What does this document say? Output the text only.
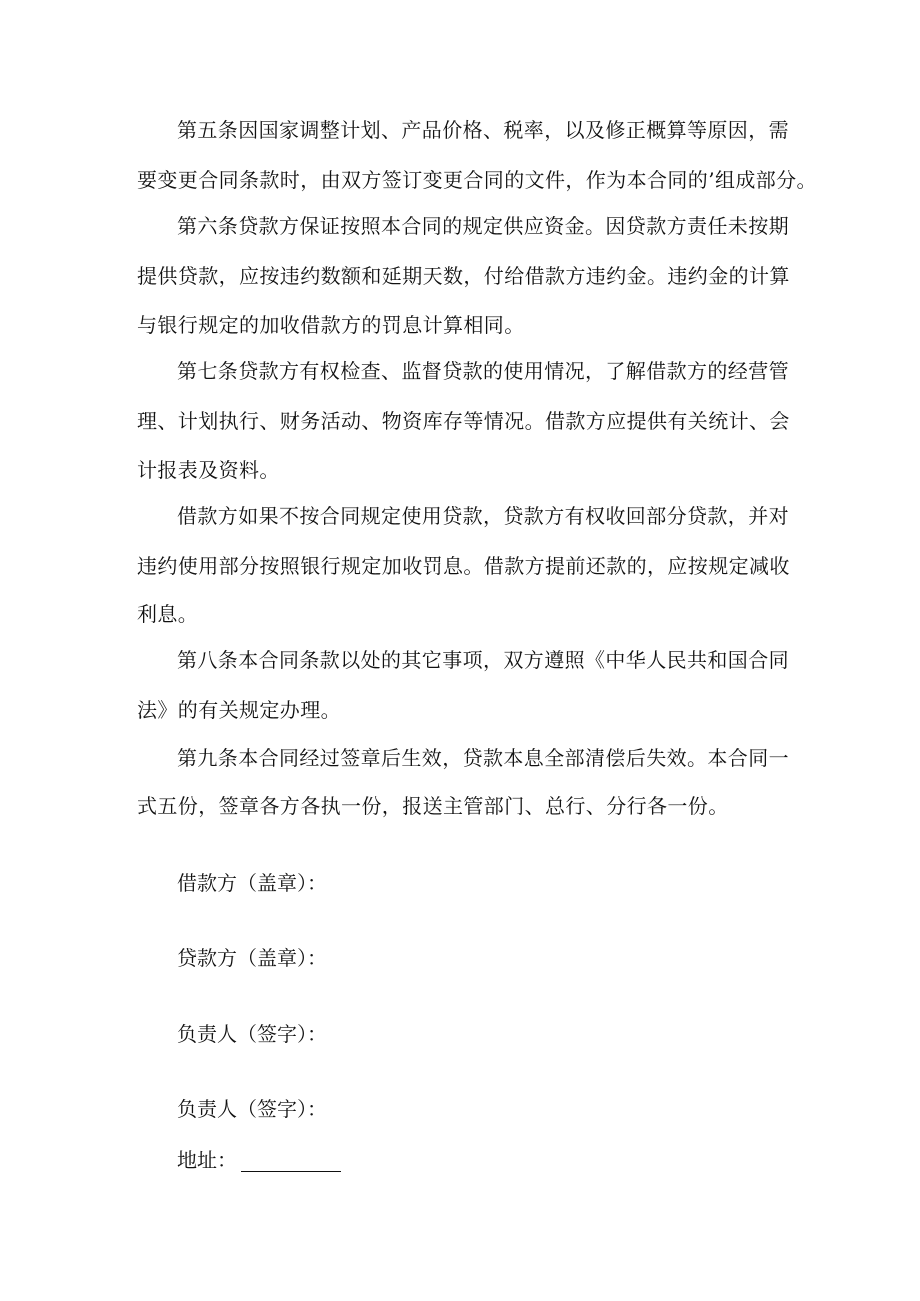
第五条因国家调整计划、产品价格、税率，以及修正概算等原因，需
要变更合同条款时，由双方签订变更合同的文件，作为本合同的’组成部分。
第六条贷款方保证按照本合同的规定供应资金。因贷款方责任未按期
提供贷款，应按违约数额和延期天数，付给借款方违约金。违约金的计算
与银行规定的加收借款方的罚息计算相同。
第七条贷款方有权检查、监督贷款的使用情况，了解借款方的经营管
理、计划执行、财务活动、物资库存等情况。借款方应提供有关统计、会
计报表及资料。
借款方如果不按合同规定使用贷款，贷款方有权收回部分贷款，并对
违约使用部分按照银行规定加收罚息。借款方提前还款的，应按规定减收
利息。
第八条本合同条款以处的其它事项，双方遵照《中华人民共和国合同
法》的有关规定办理。
第九条本合同经过签章后生效，贷款本息全部清偿后失效。本合同一
式五份，签章各方各执一份，报送主管部门、总行、分行各一份。
借款方（盖章）：
贷款方（盖章）：
负责人（签字）：
负责人（签字）：
地址：
